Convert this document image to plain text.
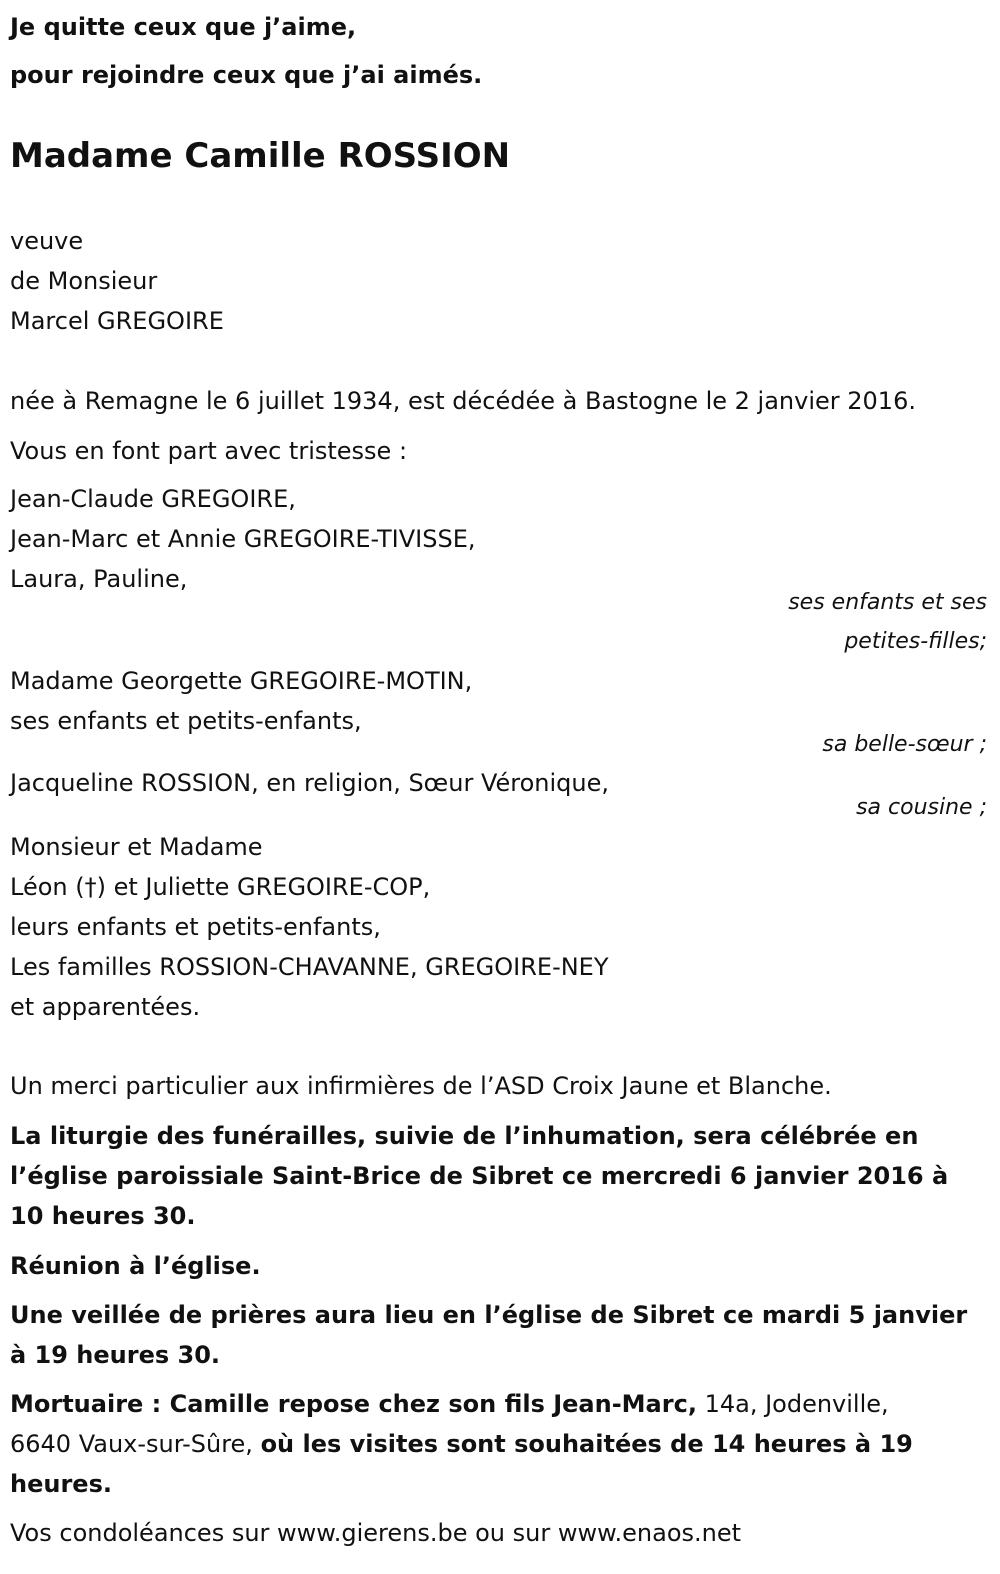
Je quitte ceux que j’aime,
pour rejoindre ceux que j’ai aimés.
Madame Camille ROSSION
veuve
de Monsieur
Marcel GREGOIRE
née à Remagne le 6 juillet 1934, est décédée à Bastogne le 2 janvier 2016.
Vous en font part avec tristesse :
Jean-Claude GREGOIRE,
Jean-Marc et Annie GREGOIRE-TIVISSE,
Laura, Pauline,
ses enfants et ses
petites-filles;
Madame Georgette GREGOIRE-MOTIN,
ses enfants et petits-enfants,
sa belle-sœur ;
Jacqueline ROSSION, en religion, Sœur Véronique,
sa cousine ;
Monsieur et Madame
Léon (†) et Juliette GREGOIRE-COP,
leurs enfants et petits-enfants,
Les familles ROSSION-CHAVANNE, GREGOIRE-NEY
et apparentées.
Un merci particulier aux infirmières de l’ASD Croix Jaune et Blanche.
La liturgie des funérailles, suivie de l’inhumation, sera célébrée en
l’église paroissiale Saint-Brice de Sibret ce mercredi 6 janvier 2016 à
10 heures 30.
Réunion à l’église.
Une veillée de prières aura lieu en l’église de Sibret ce mardi 5 janvier
à 19 heures 30.
Mortuaire : Camille repose chez son fils Jean-Marc, 14a, Jodenville,
6640 Vaux-sur-Sûre, où les visites sont souhaitées de 14 heures à 19
heures.
Vos condoléances sur www.gierens.be ou sur www.enaos.net
